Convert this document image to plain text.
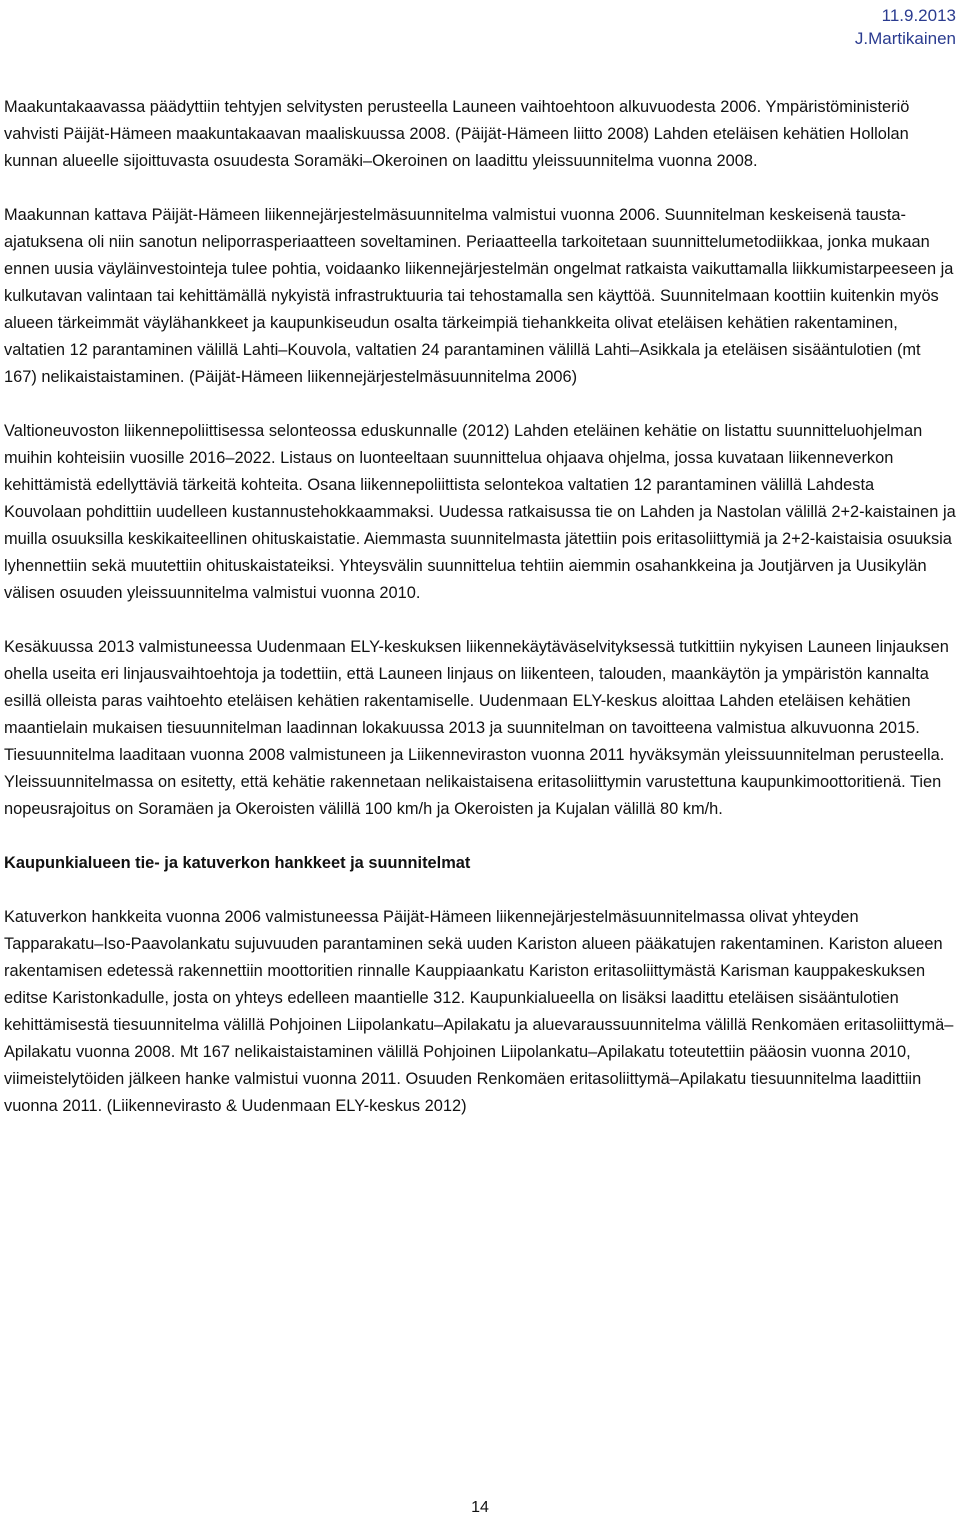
11.9.2013
J.Martikainen

Maakuntakaavassa päädyttiin tehtyjen selvitysten perusteella Launeen vaihtoehtoon alkuvuodesta 2006. Ympäristöministeriö vahvisti Päijät-Hämeen maakuntakaavan maaliskuussa 2008. (Päijät-Hämeen liitto 2008) Lahden eteläisen kehätien Hollolan kunnan alueelle sijoittuvasta osuudesta Soramäki–Okeroinen on laadittu yleissuunnitelma vuonna 2008.

Maakunnan kattava Päijät-Hämeen liikennejärjestelmäsuunnitelma valmistui vuonna 2006. Suunnitelman keskeisenä tausta-ajatuksena oli niin sanotun neliporrasperiaatteen soveltaminen. Periaatteella tarkoitetaan suunnittelumetodiikkaa, jonka mukaan ennen uusia väyläinvestointeja tulee pohtia, voidaanko liikennejärjestelmän ongelmat ratkaista vaikuttamalla liikkumistarpeeseen ja kulkutavan valintaan tai kehittämällä nykyistä infrastruktuuria tai tehostamalla sen käyttöä. Suunnitelmaan koottiin kuitenkin myös alueen tärkeimmät väylähankkeet ja kaupunkiseudun osalta tärkeimpiä tiehankkeita olivat eteläisen kehätien rakentaminen, valtatien 12 parantaminen välillä Lahti–Kouvola, valtatien 24 parantaminen välillä Lahti–Asikkala ja eteläisen sisääntulotien (mt 167) nelikaistaistaminen. (Päijät-Hämeen liikennejärjestelmäsuunnitelma 2006)

Valtioneuvoston liikennepoliittisessa selonteossa eduskunnalle (2012) Lahden eteläinen kehätie on listattu suunnitteluohjelman muihin kohteisiin vuosille 2016–2022. Listaus on luonteeltaan suunnittelua ohjaava ohjelma, jossa kuvataan liikenneverkon kehittämistä edellyttäviä tärkeitä kohteita. Osana liikennepoliittista selontekoa valtatien 12 parantaminen välillä Lahdesta Kouvolaan pohdittiin uudelleen kustannustehokkaammaksi. Uudessa ratkaisussa tie on Lahden ja Nastolan välillä 2+2-kaistainen ja muilla osuuksilla keskikaiteellinen ohituskaistatie. Aiemmasta suunnitelmasta jätettiin pois eritasoliittymiä ja 2+2-kaistaisia osuuksia lyhennettiin sekä muutettiin ohituskaistateiksi. Yhteysvälin suunnittelua tehtiin aiemmin osahankkeina ja Joutjärven ja Uusikylän välisen osuuden yleissuunnitelma valmistui vuonna 2010.

Kesäkuussa 2013 valmistuneessa Uudenmaan ELY-keskuksen liikennekäytäväselvityksessä tutkittiin nykyisen Launeen linjauksen ohella useita eri linjausvaihtoehtoja ja todettiin, että Launeen linjaus on liikenteen, talouden, maankäytön ja ympäristön kannalta esillä olleista paras vaihtoehto eteläisen kehätien rakentamiselle. Uudenmaan ELY-keskus aloittaa Lahden eteläisen kehätien maantielain mukaisen tiesuunnitelman laadinnan lokakuussa 2013 ja suunnitelman on tavoitteena valmistua alkuvuonna 2015. Tiesuunnitelma laaditaan vuonna 2008 valmistuneen ja Liikenneviraston vuonna 2011 hyväksymän yleissuunnitelman perusteella. Yleissuunnitelmassa on esitetty, että kehätie rakennetaan nelikaistaisena eritasoliittymin varustettuna kaupunkimoottoritienä. Tien nopeusrajoitus on Soramäen ja Okeroisten välillä 100 km/h ja Okeroisten ja Kujalan välillä 80 km/h.

Kaupunkialueen tie- ja katuverkon hankkeet ja suunnitelmat

Katuverkon hankkeita vuonna 2006 valmistuneessa Päijät-Hämeen liikennejärjestelmäsuunnitelmassa olivat yhteyden Tapparakatu–Iso-Paavolankatu sujuvuuden parantaminen sekä uuden Kariston alueen pääkatujen rakentaminen. Kariston alueen rakentamisen edetessä rakennettiin moottoritien rinnalle Kauppiaankatu Kariston eritasoliittymästä Karisman kauppakeskuksen editse Karistonkadulle, josta on yhteys edelleen maantielle 312. Kaupunkialueella on lisäksi laadittu eteläisen sisääntulotien kehittämisestä tiesuunnitelma välillä Pohjoinen Liipolankatu–Apilakatu ja aluevaraussuunnitelma välillä Renkomäen eritasoliittymä–Apilakatu vuonna 2008. Mt 167 nelikaistaistaminen välillä Pohjoinen Liipolankatu–Apilakatu toteutettiin pääosin vuonna 2010, viimeistelytöiden jälkeen hanke valmistui vuonna 2011. Osuuden Renkomäen eritasoliittymä–Apilakatu tiesuunnitelma laadittiin vuonna 2011. (Liikennevirasto & Uudenmaan ELY-keskus 2012)

14
